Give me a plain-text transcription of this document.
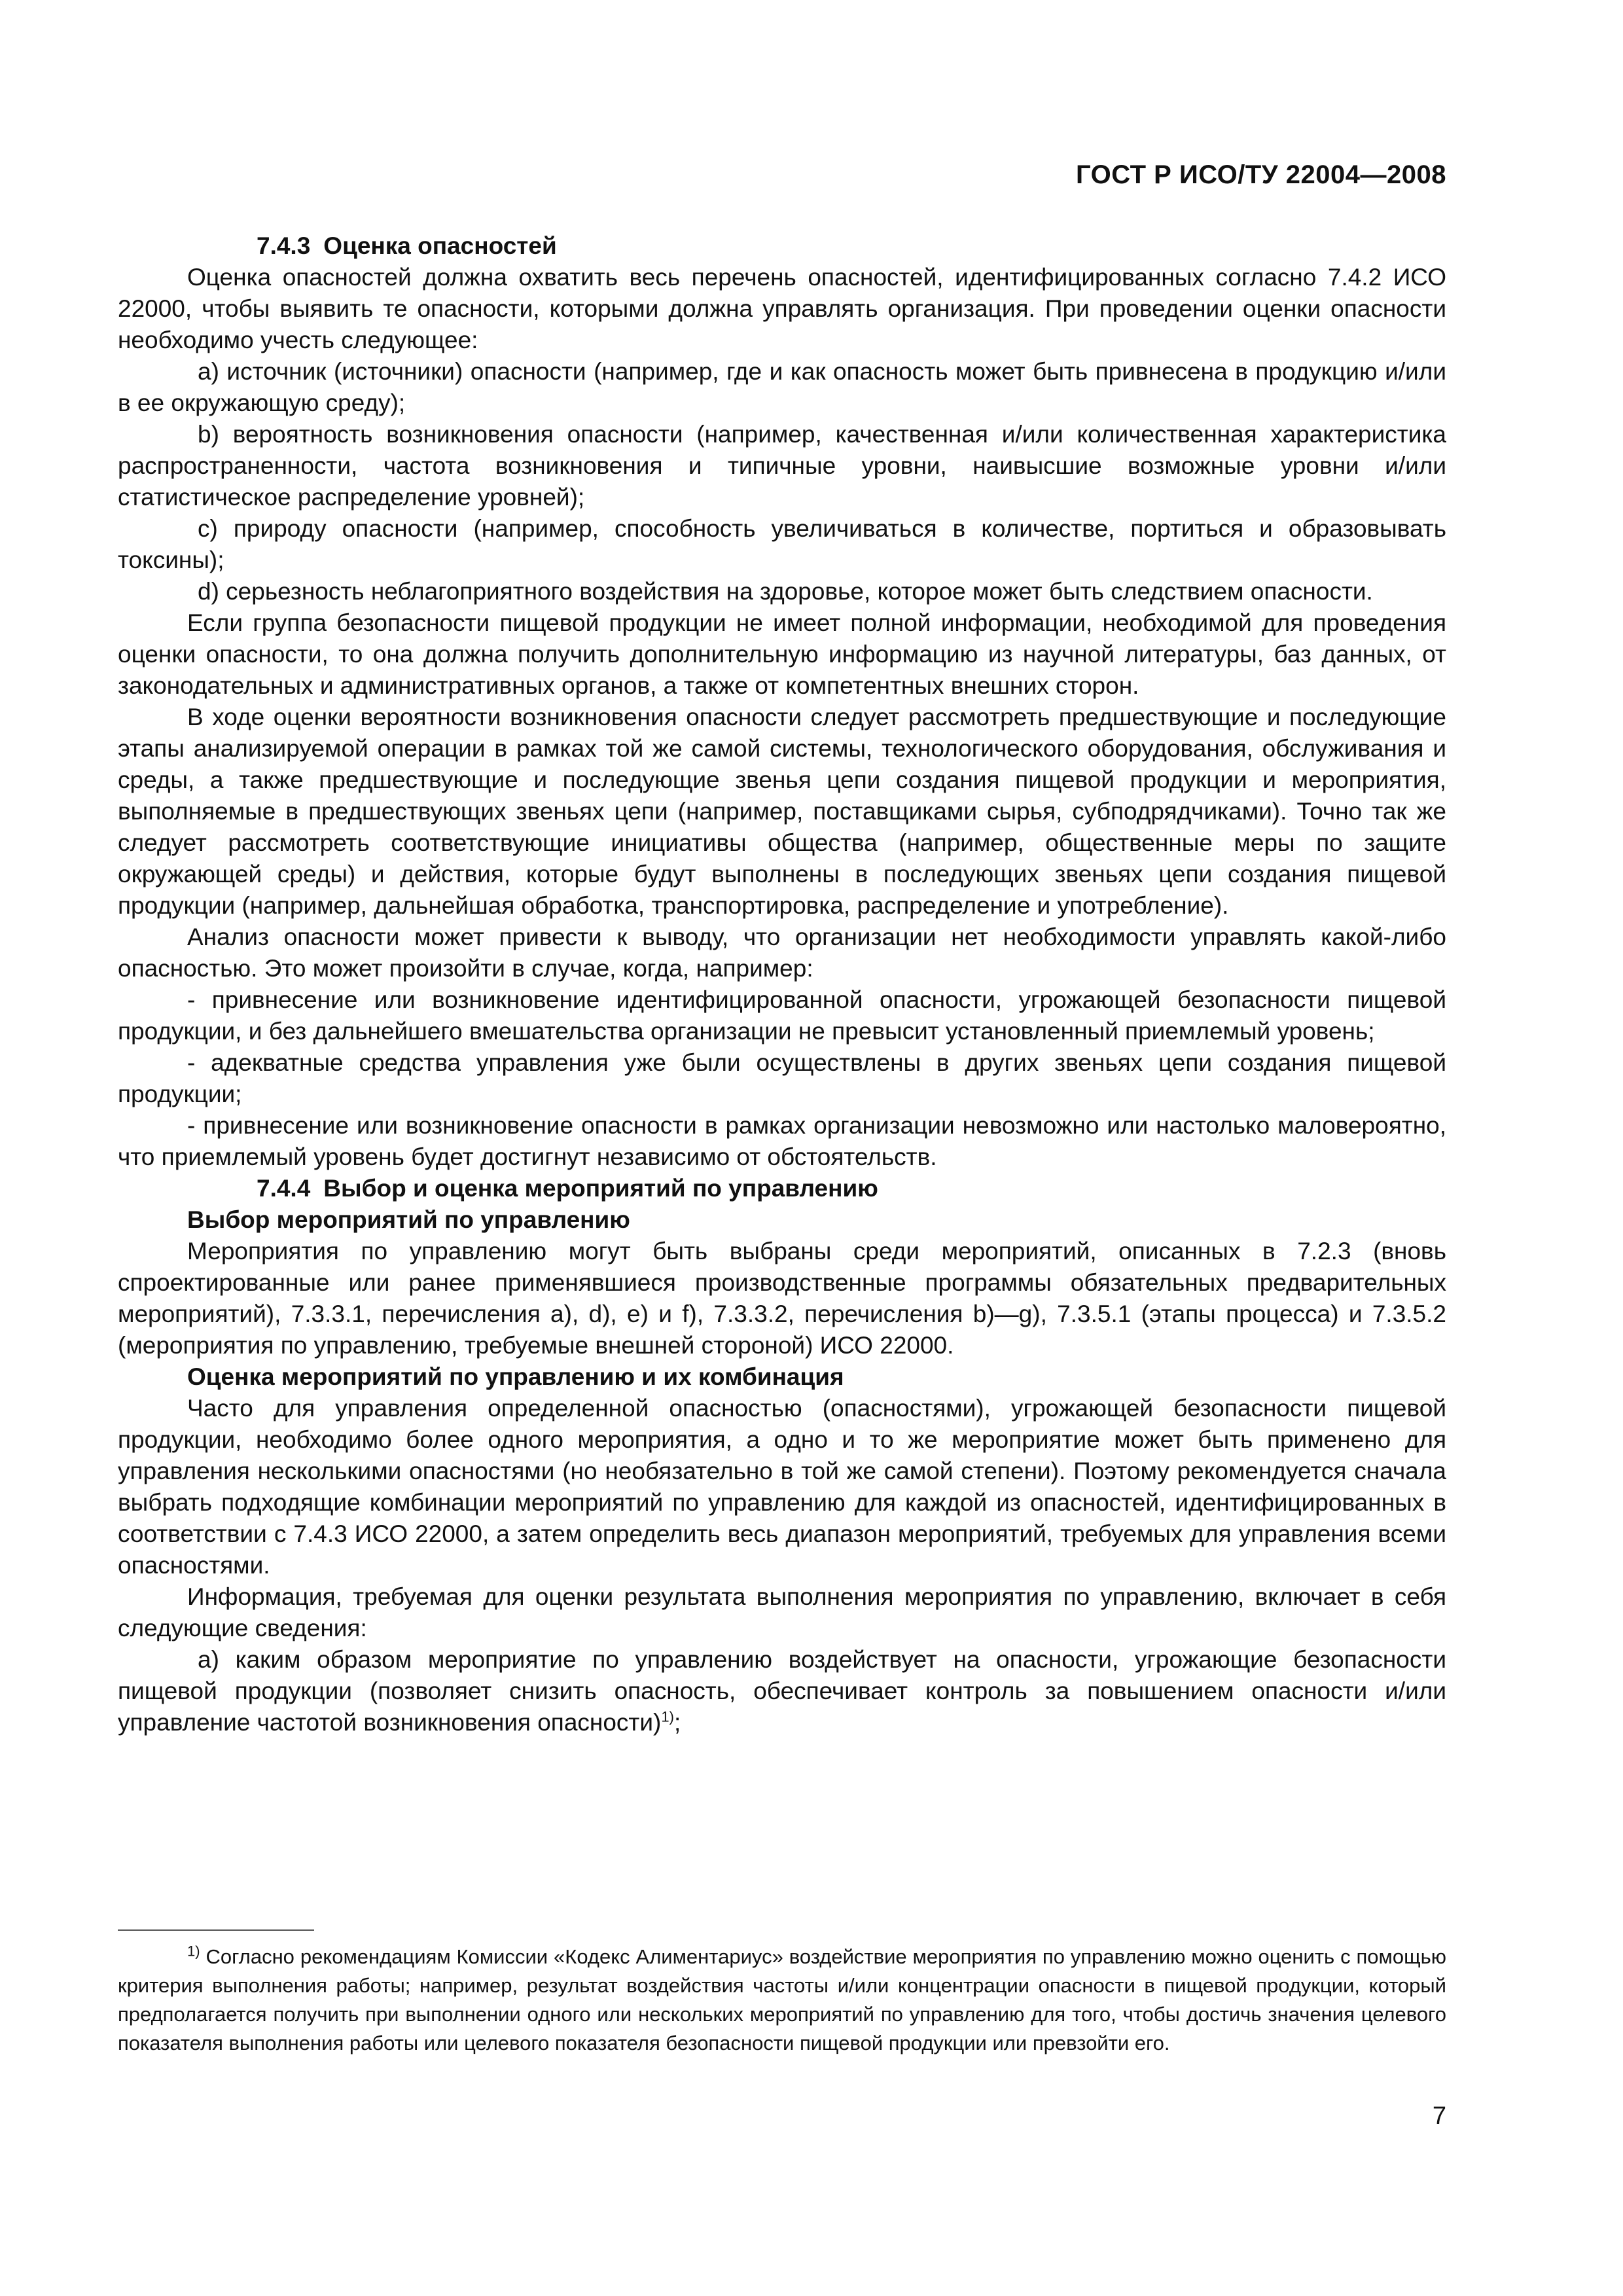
ГОСТ Р ИСО/ТУ 22004—2008

7.4.3 Оценка опасностей

Оценка опасностей должна охватить весь перечень опасностей, идентифицированных согласно 7.4.2 ИСО 22000, чтобы выявить те опасности, которыми должна управлять организация. При проведении оценки опасности необходимо учесть следующее:

a) источник (источники) опасности (например, где и как опасность может быть привнесена в продукцию и/или в ее окружающую среду);

b) вероятность возникновения опасности (например, качественная и/или количественная характеристика распространенности, частота возникновения и типичные уровни, наивысшие возможные уровни и/или статистическое распределение уровней);

c) природу опасности (например, способность увеличиваться в количестве, портиться и образовывать токсины);

d) серьезность неблагоприятного воздействия на здоровье, которое может быть следствием опасности.

Если группа безопасности пищевой продукции не имеет полной информации, необходимой для проведения оценки опасности, то она должна получить дополнительную информацию из научной литературы, баз данных, от законодательных и административных органов, а также от компетентных внешних сторон.

В ходе оценки вероятности возникновения опасности следует рассмотреть предшествующие и последующие этапы анализируемой операции в рамках той же самой системы, технологического оборудования, обслуживания и среды, а также предшествующие и последующие звенья цепи создания пищевой продукции и мероприятия, выполняемые в предшествующих звеньях цепи (например, поставщиками сырья, субподрядчиками). Точно так же следует рассмотреть соответствующие инициативы общества (например, общественные меры по защите окружающей среды) и действия, которые будут выполнены в последующих звеньях цепи создания пищевой продукции (например, дальнейшая обработка, транспортировка, распределение и употребление).

Анализ опасности может привести к выводу, что организации нет необходимости управлять какой-либо опасностью. Это может произойти в случае, когда, например:

- привнесение или возникновение идентифицированной опасности, угрожающей безопасности пищевой продукции, и без дальнейшего вмешательства организации не превысит установленный приемлемый уровень;

- адекватные средства управления уже были осуществлены в других звеньях цепи создания пищевой продукции;

- привнесение или возникновение опасности в рамках организации невозможно или настолько маловероятно, что приемлемый уровень будет достигнут независимо от обстоятельств.

7.4.4 Выбор и оценка мероприятий по управлению

Выбор мероприятий по управлению

Мероприятия по управлению могут быть выбраны среди мероприятий, описанных в 7.2.3 (вновь спроектированные или ранее применявшиеся производственные программы обязательных предварительных мероприятий), 7.3.3.1, перечисления a), d), e) и f), 7.3.3.2, перечисления b)—g), 7.3.5.1 (этапы процесса) и 7.3.5.2 (мероприятия по управлению, требуемые внешней стороной) ИСО 22000.

Оценка мероприятий по управлению и их комбинация

Часто для управления определенной опасностью (опасностями), угрожающей безопасности пищевой продукции, необходимо более одного мероприятия, а одно и то же мероприятие может быть применено для управления несколькими опасностями (но необязательно в той же самой степени). Поэтому рекомендуется сначала выбрать подходящие комбинации мероприятий по управлению для каждой из опасностей, идентифицированных в соответствии с 7.4.3 ИСО 22000, а затем определить весь диапазон мероприятий, требуемых для управления всеми опасностями.

Информация, требуемая для оценки результата выполнения мероприятия по управлению, включает в себя следующие сведения:

a) каким образом мероприятие по управлению воздействует на опасности, угрожающие безопасности пищевой продукции (позволяет снизить опасность, обеспечивает контроль за повышением опасности и/или управление частотой возникновения опасности)$^{1)}$;

$^{1)}$ Согласно рекомендациям Комиссии «Кодекс Алиментариус» воздействие мероприятия по управлению можно оценить с помощью критерия выполнения работы; например, результат воздействия частоты и/или концентрации опасности в пищевой продукции, который предполагается получить при выполнении одного или нескольких мероприятий по управлению для того, чтобы достичь значения целевого показателя выполнения работы или целевого показателя безопасности пищевой продукции или превзойти его.

7
